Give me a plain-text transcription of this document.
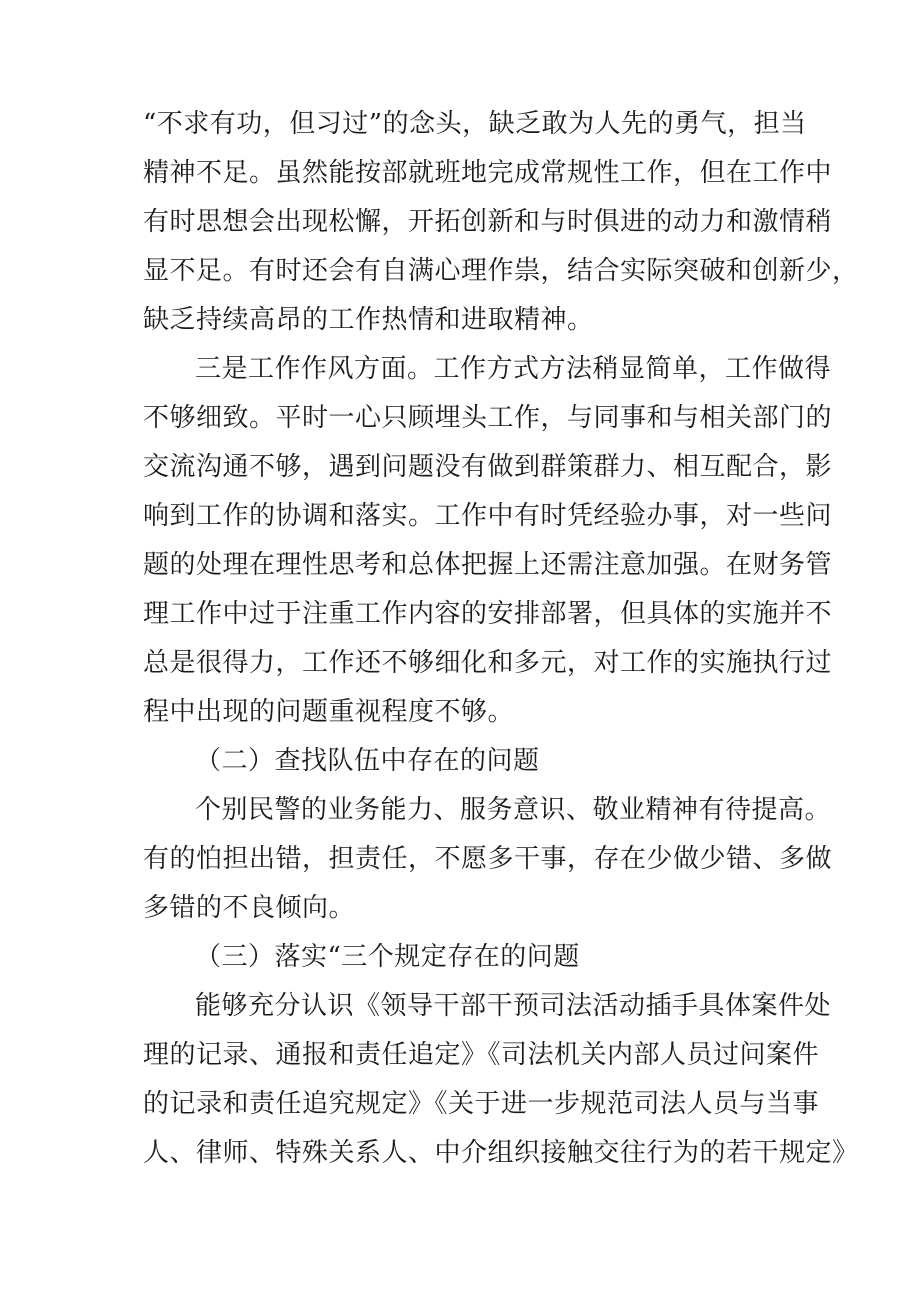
“不求有功，但习过”的念头，缺乏敢为人先的勇气，担当
精神不足。虽然能按部就班地完成常规性工作，但在工作中
有时思想会出现松懈，开拓创新和与时俱进的动力和激情稍
显不足。有时还会有自满心理作祟，结合实际突破和创新少，
缺乏持续高昂的工作热情和进取精神。
三是工作作风方面。工作方式方法稍显简单，工作做得
不够细致。平时一心只顾埋头工作，与同事和与相关部门的
交流沟通不够，遇到问题没有做到群策群力、相互配合，影
响到工作的协调和落实。工作中有时凭经验办事，对一些问
题的处理在理性思考和总体把握上还需注意加强。在财务管
理工作中过于注重工作内容的安排部署，但具体的实施并不
总是很得力，工作还不够细化和多元，对工作的实施执行过
程中出现的问题重视程度不够。
（二）查找队伍中存在的问题
个别民警的业务能力、服务意识、敬业精神有待提高。
有的怕担出错，担责任，不愿多干事，存在少做少错、多做
多错的不良倾向。
（三）落实“三个规定存在的问题
能够充分认识《领导干部干预司法活动插手具体案件处
理的记录、通报和责任追定》《司法机关内部人员过问案件
的记录和责任追究规定》《关于进一步规范司法人员与当事
人、律师、特殊关系人、中介组织接触交往行为的若干规定》
